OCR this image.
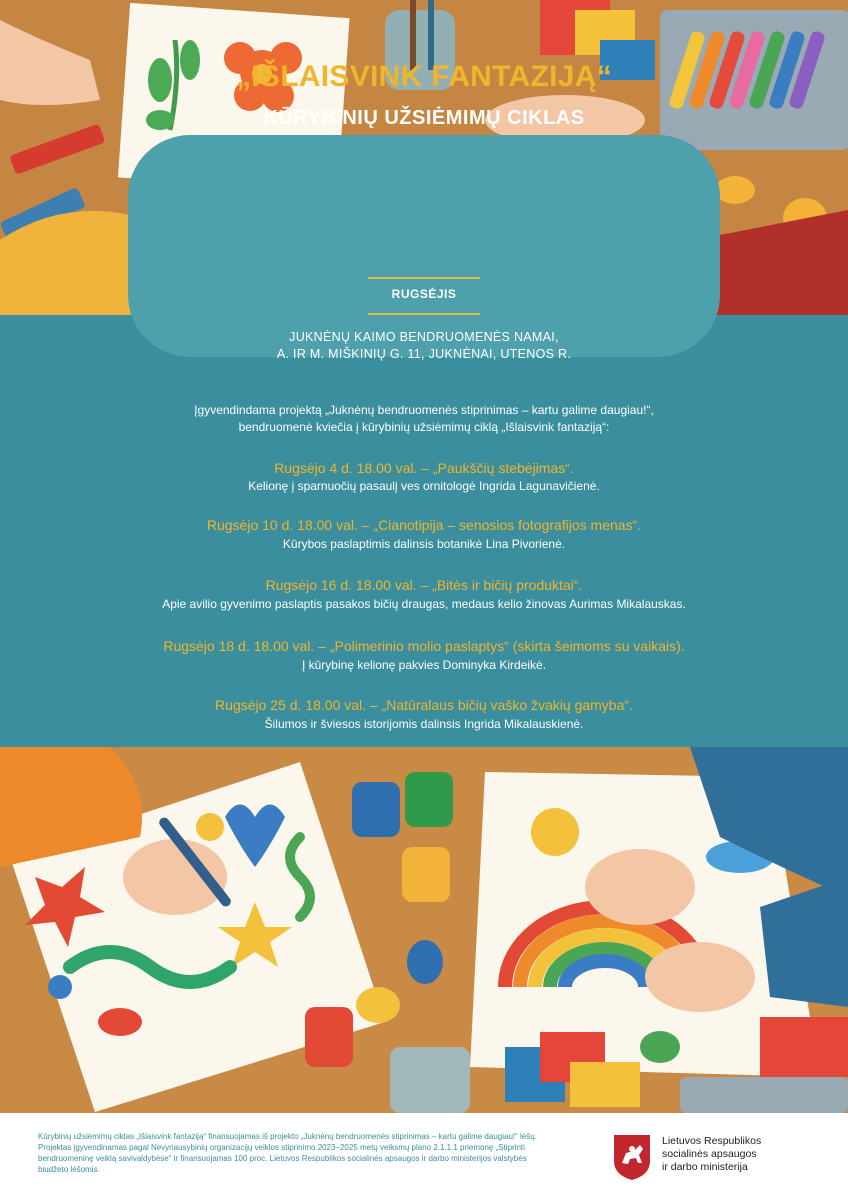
„IŠLAISVINK FANTAZIJĄ“
KŪRYBINIŲ UŽSIĖMIMŲ CIKLAS
RUGSĖJIS
JUKNĖNŲ KAIMO BENDRUOMENĖS NAMAI,
A. IR M. MIŠKINIŲ G. 11, JUKNĖNAI, UTENOS R.
Įgyvendindama projektą „Juknėnų bendruomenės stiprinimas – kartu galime daugiau!“,
bendruomenė kviečia į kūrybinių užsiėmimų ciklą „Išlaisvink fantaziją“:
Rugsėjo 4 d. 18.00 val. – „Paukščių stebėjimas“.
Kelionę į sparnuočių pasaulį ves ornitologė Ingrida Lagunavičienė.
Rugsėjo 10 d. 18.00 val. – „Cianotipija – senosios fotografijos menas“.
Kūrybos paslaptimis dalinsis botanikė Lina Pivorienė.
Rugsėjo 16 d. 18.00 val. – „Bitės ir bičių produktai“.
Apie avilio gyvenimo paslaptis pasakos bičių draugas, medaus kelio žinovas Aurimas Mikalauskas.
Rugsėjo 18 d. 18.00 val. – „Polimerinio molio paslaptys“ (skirta šeimoms su vaikais).
Į kūrybinę kelionę pakvies Dominyka Kirdeikė.
Rugsėjo 25 d. 18.00 val. – „Natūralaus bičių vaško žvakių gamyba“.
Šilumos ir šviesos istorijomis dalinsis Ingrida Mikalauskienė.
Kūrybinių užsiėmimų ciklas „Išlaisvink fantaziją“ finansuojamas iš projekto „Juknėnų bendruomenės stiprinimas – kartu galime daugiau!“ lėšų. Projektas įgyvendinamas pagal Nevyriausybinių organizacijų veiklos stiprinimo 2023–2025 metų veiksmų plano 2.1.1.1 priemonę „Stiprinti bendruomeninę veiklą savivaldybėse“ ir finansuojamas 100 proc. Lietuvos Respublikos socialinės apsaugos ir darbo ministerijos valstybės biudžeto lėšomis.
Lietuvos Respublikos
socialinės apsaugos
ir darbo ministerija
